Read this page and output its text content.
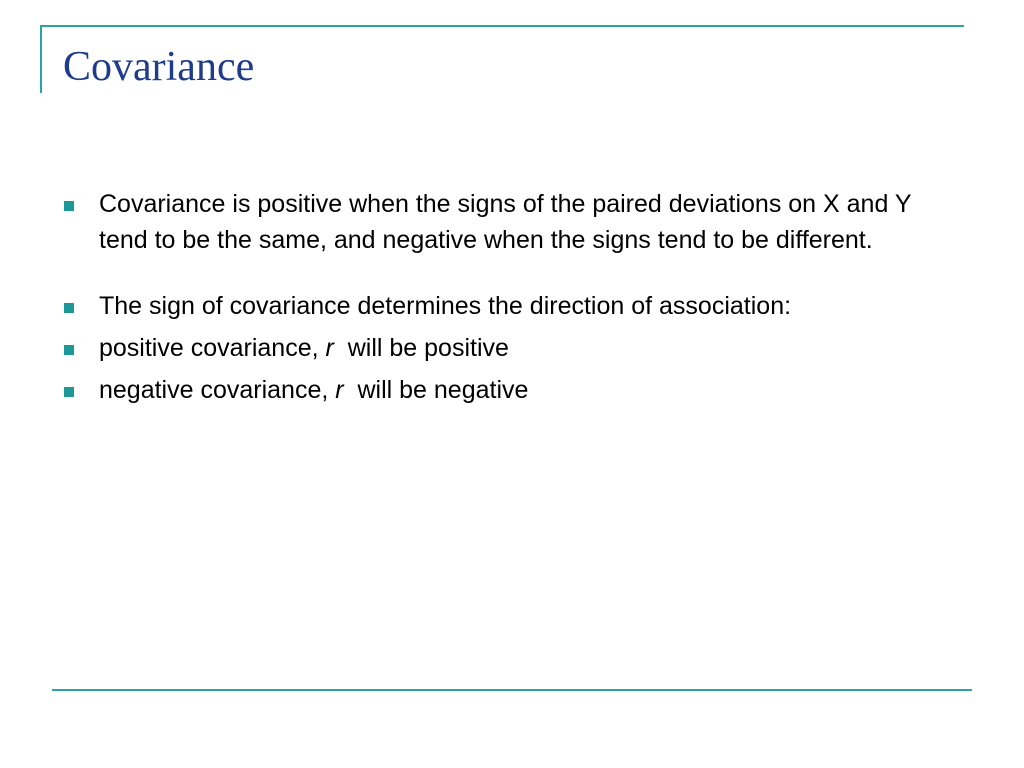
Covariance
Covariance is positive when the signs of the paired deviations on X and Y tend to be the same, and negative when the signs tend to be different.
The sign of covariance determines the direction of association:
positive covariance, r  will be positive
negative covariance, r  will be negative
